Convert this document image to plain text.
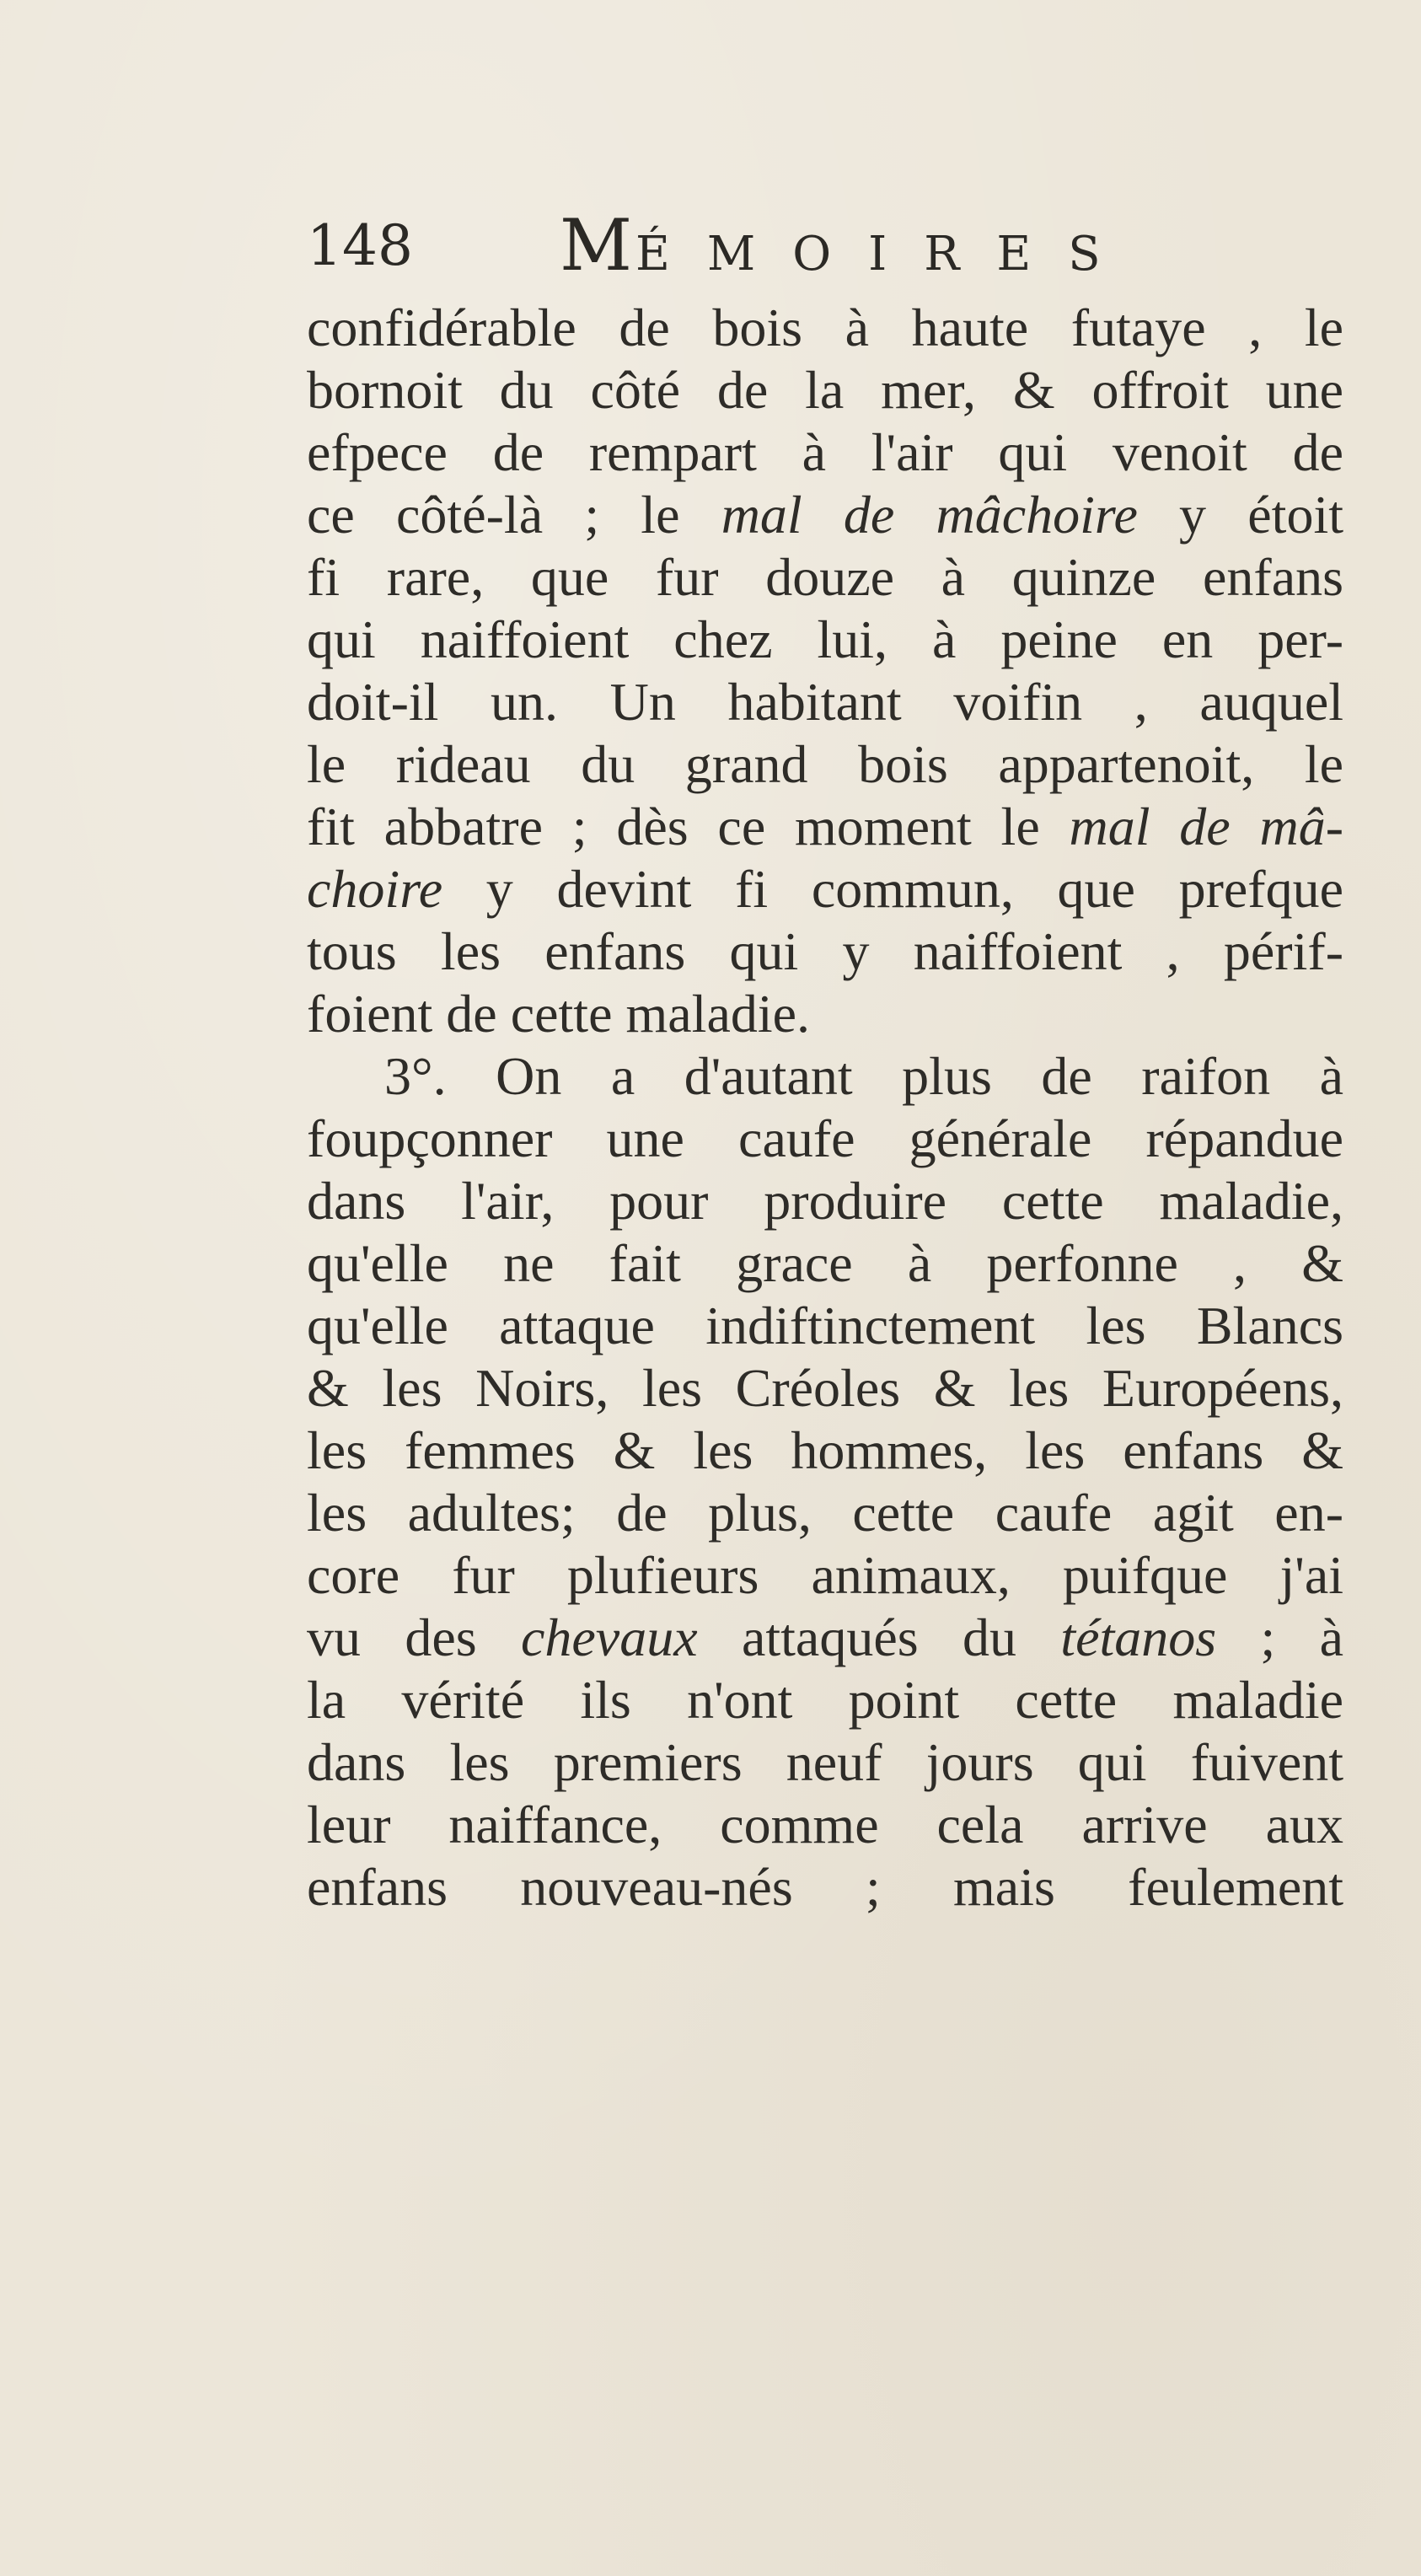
148 MÉMOIRES
confidérable de bois à haute futaye , le
bornoit du côté de la mer, & offroit une
efpece de rempart à l'air qui venoit de
ce côté-là ; le mal de mâchoire y étoit
fi rare, que fur douze à quinze enfans
qui naiffoient chez lui, à peine en per-
doit-il un. Un habitant voifin , auquel
le rideau du grand bois appartenoit, le
fit abbatre ; dès ce moment le mal de mâ-
choire y devint fi commun, que prefque
tous les enfans qui y naiffoient , périf-
foient de cette maladie.
3°. On a d'autant plus de raifon à
foupçonner une caufe générale répandue
dans l'air, pour produire cette maladie,
qu'elle ne fait grace à perfonne , &
qu'elle attaque indiftinctement les Blancs
& les Noirs, les Créoles & les Européens,
les femmes & les hommes, les enfans &
les adultes; de plus, cette caufe agit en-
core fur plufieurs animaux, puifque j'ai
vu des chevaux attaqués du tétanos ; à
la vérité ils n'ont point cette maladie
dans les premiers neuf jours qui fuivent
leur naiffance, comme cela arrive aux
enfans nouveau-nés ; mais feulement
